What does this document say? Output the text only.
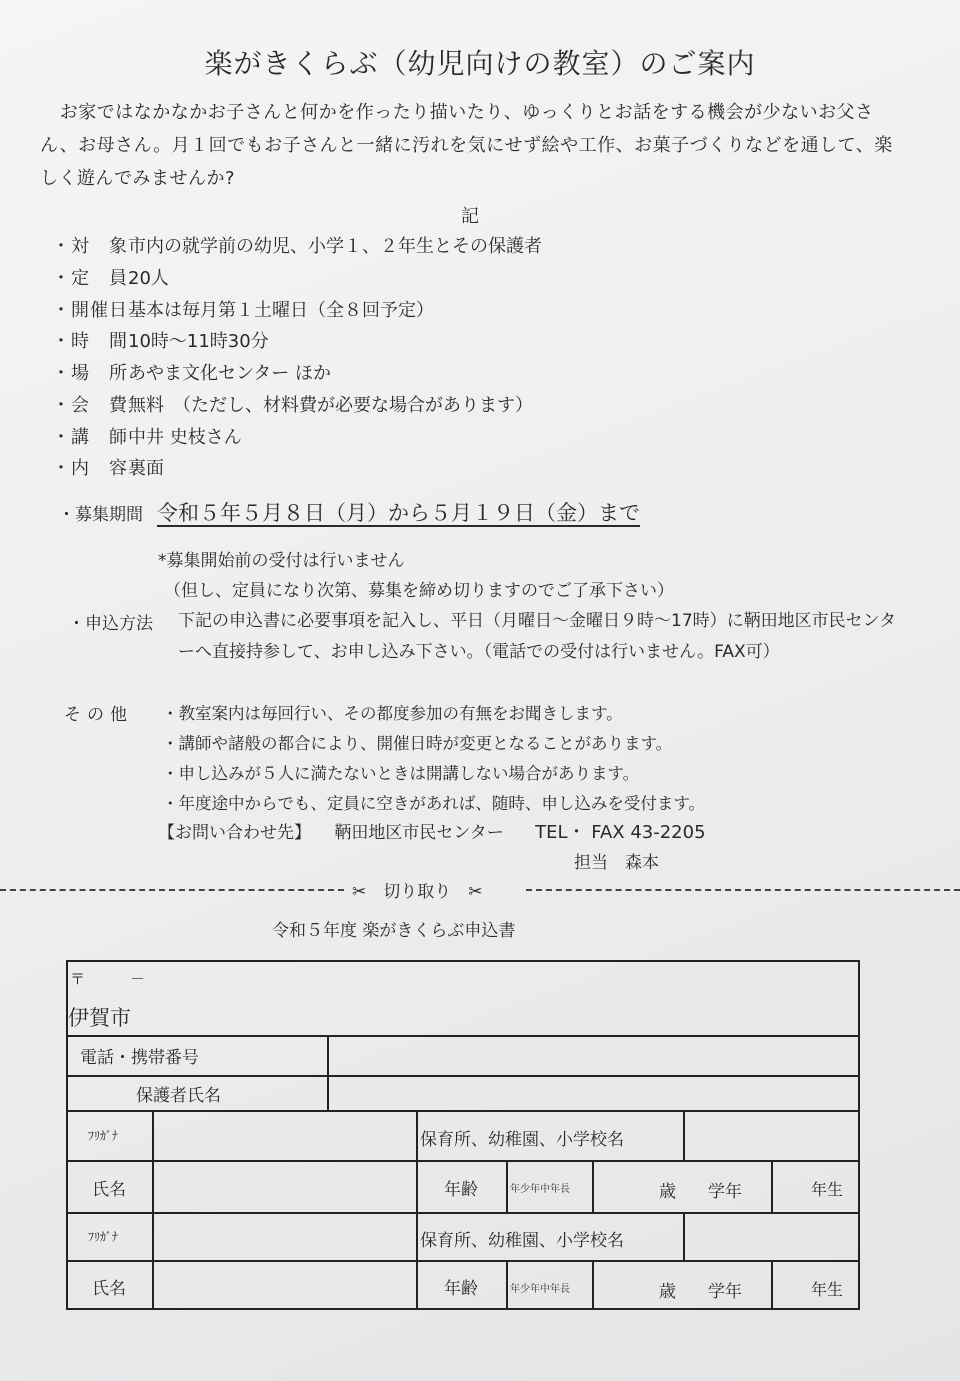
楽がきくらぶ（幼児向けの教室）のご案内

お家ではなかなかお子さんと何かを作ったり描いたり、ゆっくりとお話をする機会が少ないお父さん、お母さん。月１回でもお子さんと一緒に汚れを気にせず絵や工作、お菓子づくりなどを通して、楽しく遊んでみませんか?

記
・対　象市内の就学前の幼児、小学１、２年生とその保護者
・定　員20人
・開催日基本は毎月第１土曜日（全８回予定）
・時　間10時～11時30分
・場　所あやま文化センター ほか
・会　費無料　（ただし、材料費が必要な場合があります）
・講　師中井 史枝さん
・内　容裏面
・募集期間 令和５年５月８日（月）から５月１９日（金）まで
*募集開始前の受付は行いません
（但し、定員になり次第、募集を締め切りますのでご了承下さい）
・申込方法 下記の申込書に必要事項を記入し、平日（月曜日～金曜日９時～17時）に鞆田地区市民センターへ直接持参して、お申し込み下さい。（電話での受付は行いません。FAX可）
その他 ・教室案内は毎回行い、その都度参加の有無をお聞きします。
・講師や諸般の都合により、開催日時が変更となることがあります。
・申し込みが５人に満たないときは開講しない場合があります。
・年度途中からでも、定員に空きがあれば、随時、申し込みを受付ます。
【お問い合わせ先】 鞆田地区市民センター TEL・ FAX 43-2205
担当　森本
✂　切り取り　✂
令和５年度 楽がきくらぶ申込書
〒　　　－
伊賀市
電話・携帯番号
保護者氏名
ﾌﾘｶﾞﾅ	保育所、幼稚園、小学校名
氏名	年齢	年少年中年長	歳 学年	年生
ﾌﾘｶﾞﾅ	保育所、幼稚園、小学校名
氏名	年齢	年少年中年長	歳 学年	年生
